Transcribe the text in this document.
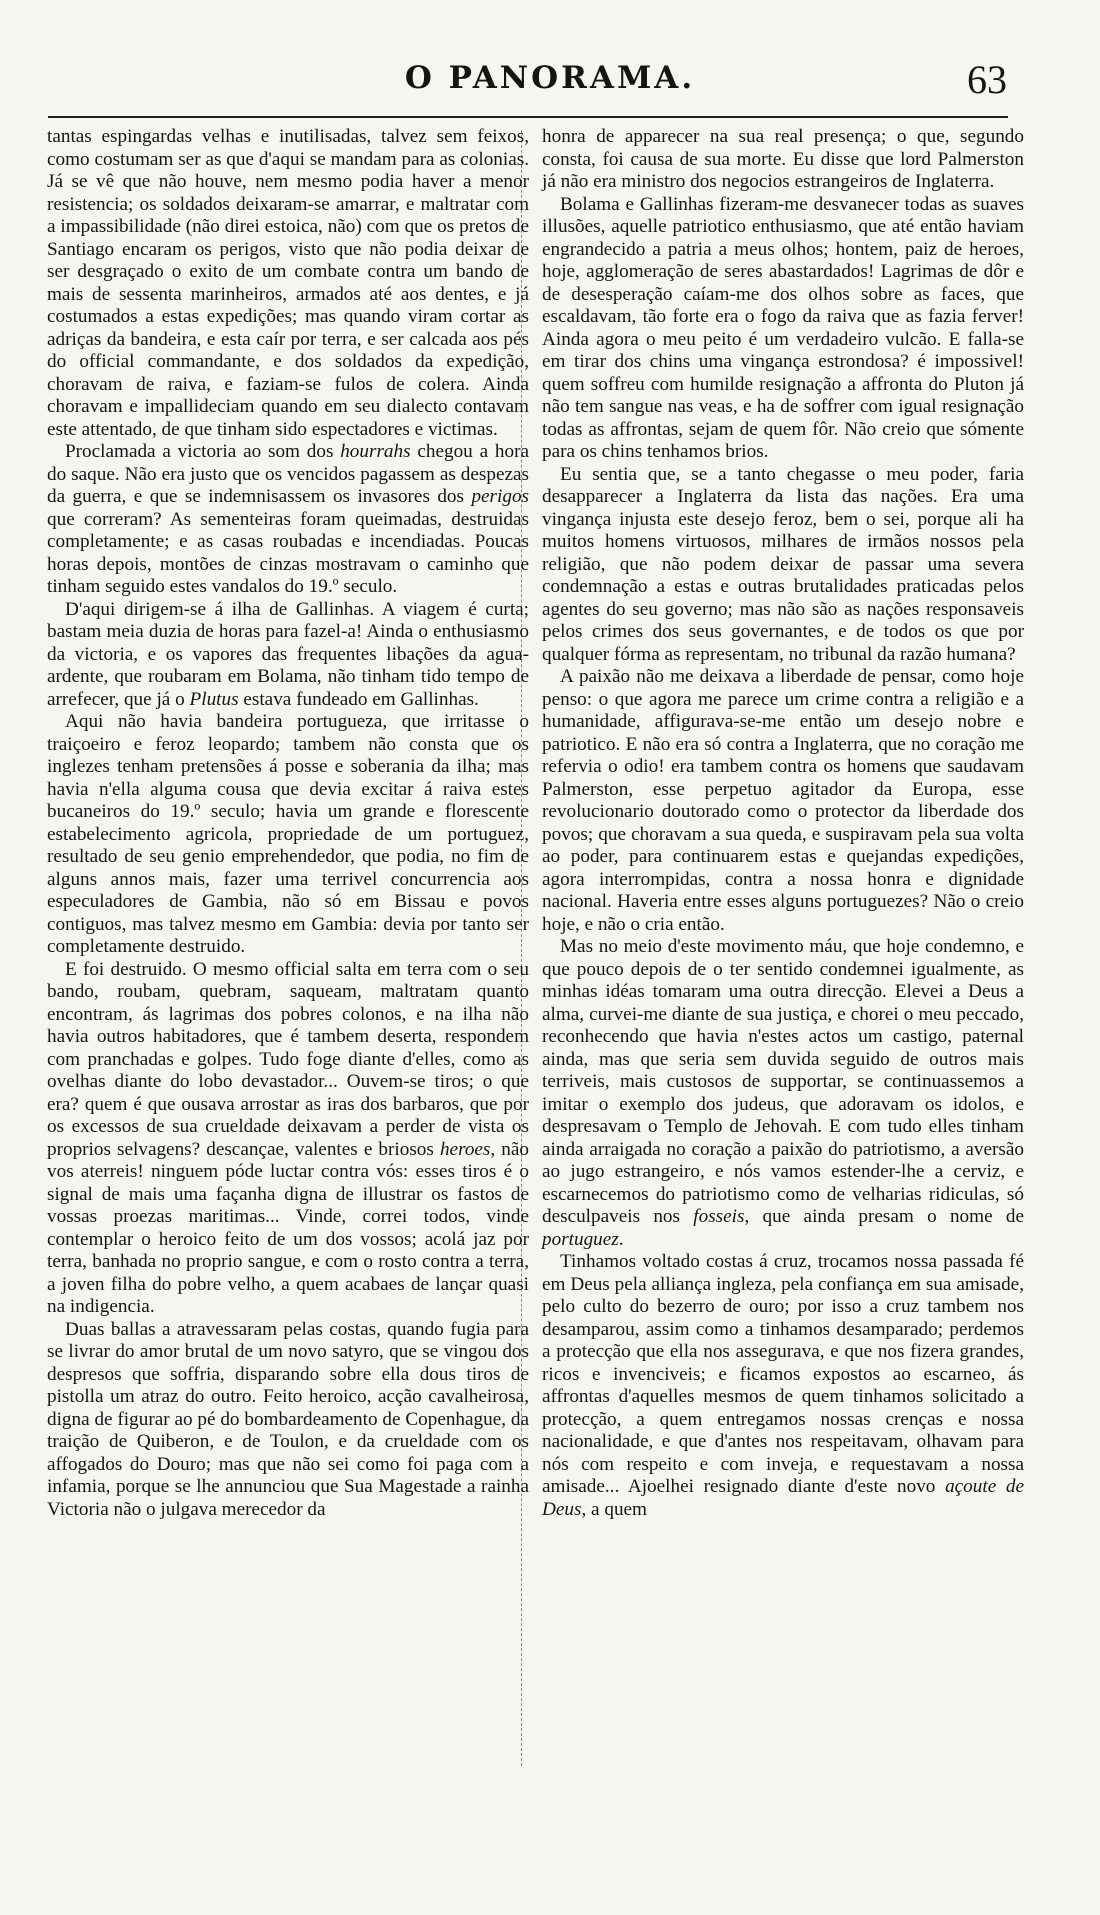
O PANORAMA.	63

tantas espingardas velhas e inutilisadas, talvez sem feixos, como costumam ser as que d'aqui se mandam para as colonias. Já se vê que não houve, nem mesmo podia haver a menor resistencia; os soldados deixaram-se amarrar, e maltratar com a impassibilidade (não direi estoica, não) com que os pretos de Santiago encaram os perigos, visto que não podia deixar de ser desgraçado o exito de um combate contra um bando de mais de sessenta marinheiros, armados até aos dentes, e já costumados a estas expedições; mas quando viram cortar as adriças da bandeira, e esta caír por terra, e ser calcada aos pés do official commandante, e dos soldados da expedição, choravam de raiva, e faziam-se fulos de colera. Ainda choravam e impallideciam quando em seu dialecto contavam este attentado, de que tinham sido espectadores e victimas.

Proclamada a victoria ao som dos hourrahs chegou a hora do saque. Não era justo que os vencidos pagassem as despezas da guerra, e que se indemnisassem os invasores dos perigos que correram? As sementeiras foram queimadas, destruidas completamente; e as casas roubadas e incendiadas. Poucas horas depois, montões de cinzas mostravam o caminho que tinham seguido estes vandalos do 19.º seculo.

D'aqui dirigem-se á ilha de Gallinhas. A viagem é curta; bastam meia duzia de horas para fazel-a! Ainda o enthusiasmo da victoria, e os vapores das frequentes libações da agua-ardente, que roubaram em Bolama, não tinham tido tempo de arrefecer, que já o Plutus estava fundeado em Gallinhas.

Aqui não havia bandeira portugueza, que irritasse o traiçoeiro e feroz leopardo; tambem não consta que os inglezes tenham pretensões á posse e soberania da ilha; mas havia n'ella alguma cousa que devia excitar á raiva estes bucaneiros do 19.º seculo; havia um grande e florescente estabelecimento agricola, propriedade de um portuguez, resultado de seu genio emprehendedor, que podia, no fim de alguns annos mais, fazer uma terrivel concurrencia aos especuladores de Gambia, não só em Bissau e povos contiguos, mas talvez mesmo em Gambia: devia por tanto ser completamente destruido.

E foi destruido. O mesmo official salta em terra com o seu bando, roubam, quebram, saqueam, maltratam quanto encontram, ás lagrimas dos pobres colonos, e na ilha não havia outros habitadores, que é tambem deserta, respondem com pranchadas e golpes. Tudo foge diante d'elles, como as ovelhas diante do lobo devastador... Ouvem-se tiros; o que era? quem é que ousava arrostar as iras dos barbaros, que por os excessos de sua crueldade deixavam a perder de vista os proprios selvagens? descançae, valentes e briosos heroes, não vos aterreis! ninguem póde luctar contra vós: esses tiros é o signal de mais uma façanha digna de illustrar os fastos de vossas proezas maritimas... Vinde, correi todos, vinde contemplar o heroico feito de um dos vossos; acolá jaz por terra, banhada no proprio sangue, e com o rosto contra a terra, a joven filha do pobre velho, a quem acabaes de lançar quasi na indigencia.

Duas ballas a atravessaram pelas costas, quando fugia para se livrar do amor brutal de um novo satyro, que se vingou dos despresos que soffria, disparando sobre ella dous tiros de pistolla um atraz do outro. Feito heroico, acção cavalheirosa, digna de figurar ao pé do bombardeamento de Copenhague, da traição de Quiberon, e de Toulon, e da crueldade com os affogados do Douro; mas que não sei como foi paga com a infamia, porque se lhe annunciou que Sua Magestade a rainha Victoria não o julgava merecedor da

honra de apparecer na sua real presença; o que, segundo consta, foi causa de sua morte. Eu disse que lord Palmerston já não era ministro dos negocios estrangeiros de Inglaterra.

Bolama e Gallinhas fizeram-me desvanecer todas as suaves illusões, aquelle patriotico enthusiasmo, que até então haviam engrandecido a patria a meus olhos; hontem, paiz de heroes, hoje, agglomeração de seres abastardados! Lagrimas de dôr e de desesperação caíam-me dos olhos sobre as faces, que escaldavam, tão forte era o fogo da raiva que as fazia ferver! Ainda agora o meu peito é um verdadeiro vulcão. E falla-se em tirar dos chins uma vingança estrondosa? é impossivel! quem soffreu com humilde resignação a affronta do Pluton já não tem sangue nas veas, e ha de soffrer com igual resignação todas as affrontas, sejam de quem fôr. Não creio que sómente para os chins tenhamos brios.

Eu sentia que, se a tanto chegasse o meu poder, faria desapparecer a Inglaterra da lista das nações. Era uma vingança injusta este desejo feroz, bem o sei, porque ali ha muitos homens virtuosos, milhares de irmãos nossos pela religião, que não podem deixar de passar uma severa condemnação a estas e outras brutalidades praticadas pelos agentes do seu governo; mas não são as nações responsaveis pelos crimes dos seus governantes, e de todos os que por qualquer fórma as representam, no tribunal da razão humana?

A paixão não me deixava a liberdade de pensar, como hoje penso: o que agora me parece um crime contra a religião e a humanidade, affigurava-se-me então um desejo nobre e patriotico. E não era só contra a Inglaterra, que no coração me refervia o odio! era tambem contra os homens que saudavam Palmerston, esse perpetuo agitador da Europa, esse revolucionario doutorado como o protector da liberdade dos povos; que choravam a sua queda, e suspiravam pela sua volta ao poder, para continuarem estas e quejandas expedições, agora interrompidas, contra a nossa honra e dignidade nacional. Haveria entre esses alguns portuguezes? Não o creio hoje, e não o cria então.

Mas no meio d'este movimento máu, que hoje condemno, e que pouco depois de o ter sentido condemnei igualmente, as minhas idéas tomaram uma outra direcção. Elevei a Deus a alma, curvei-me diante de sua justiça, e chorei o meu peccado, reconhecendo que havia n'estes actos um castigo, paternal ainda, mas que seria sem duvida seguido de outros mais terriveis, mais custosos de supportar, se continuassemos a imitar o exemplo dos judeus, que adoravam os idolos, e despresavam o Templo de Jehovah. E com tudo elles tinham ainda arraigada no coração a paixão do patriotismo, a aversão ao jugo estrangeiro, e nós vamos estender-lhe a cerviz, e escarnecemos do patriotismo como de velharias ridiculas, só desculpaveis nos fosseis, que ainda presam o nome de portuguez.

Tinhamos voltado costas á cruz, trocamos nossa passada fé em Deus pela alliança ingleza, pela confiança em sua amisade, pelo culto do bezerro de ouro; por isso a cruz tambem nos desamparou, assim como a tinhamos desamparado; perdemos a protecção que ella nos assegurava, e que nos fizera grandes, ricos e invenciveis; e ficamos expostos ao escarneo, ás affrontas d'aquelles mesmos de quem tinhamos solicitado a protecção, a quem entregamos nossas crenças e nossa nacionalidade, e que d'antes nos respeitavam, olhavam para nós com respeito e com inveja, e requestavam a nossa amisade... Ajoelhei resignado diante d'este novo açoute de Deus, a quem
